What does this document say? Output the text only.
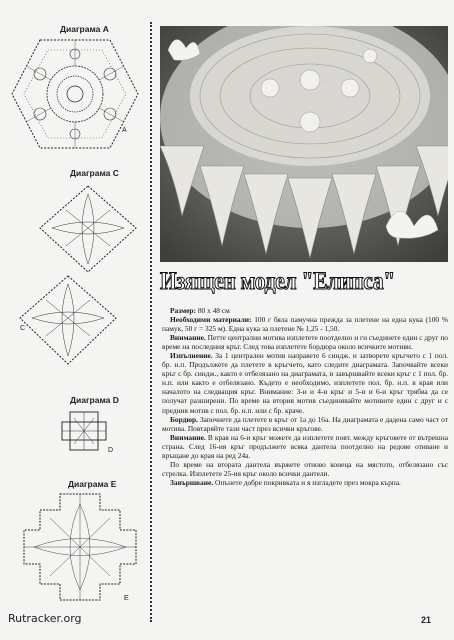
Диаграма А
A
Диаграма С
C
Диаграма D
D
Диаграма E
E
Изящен модел "Елипса"

Размер: 80 х 48 см

Необходими материали: 100 г бяла памучна прежда за плетене на една кука (100 % памук, 50 г = 325 м). Една кука за плетене № 1,25 - 1,50.

Внимание. Петте централни мотива изплетете поотделно и ги съединете един с друг по време на последния кръг. След това изплетете бордюра около всичките мотиви.

Изпълнение. За 1 централен мотив направете 6 синдж. и затворете кръгчето с 1 пол. бр. н.п. Продължете да плетете в кръгчето, като следите диаграмата. Започвайте всеки кръг с бр. синдж., както е отбелязано на диаграмата, и завършвайте всеки кръг с 1 пол. бр. н.п. или както е отбелязано. Където е необходимо, изплетете пол. бр. н.п. в края или началото на следващия кръг. Внимание: 3-и и 4-и кръг и 5-и и 6-и кръг трябва да се получат разширени. По време на втория мотив съединявайте мотивите един с друг и с предния мотив с пол. бр. н.п. или с бр. краче.

Бордюр. Започнете да плетете в кръг от 1а до 16а. На диаграмата е дадена само част от мотива. Повтаряйте тази част през всички кръгове.

Внимание. В края на 6-и кръг можете да изплетете повт. между кръговете от вътрешна страна. След 16-ия кръг продължете всяка дантела поотделно на редове отиване и връщане до края на ред 24а.

По време на втората дантела вържете отново конеца на мястото, отбелязано със стрелка. Изплетете 25-ия кръг около всички дантели.

Завършване. Опънете добре покривката и я изгладете през мокра кърпа.

Rutracker.org	21
